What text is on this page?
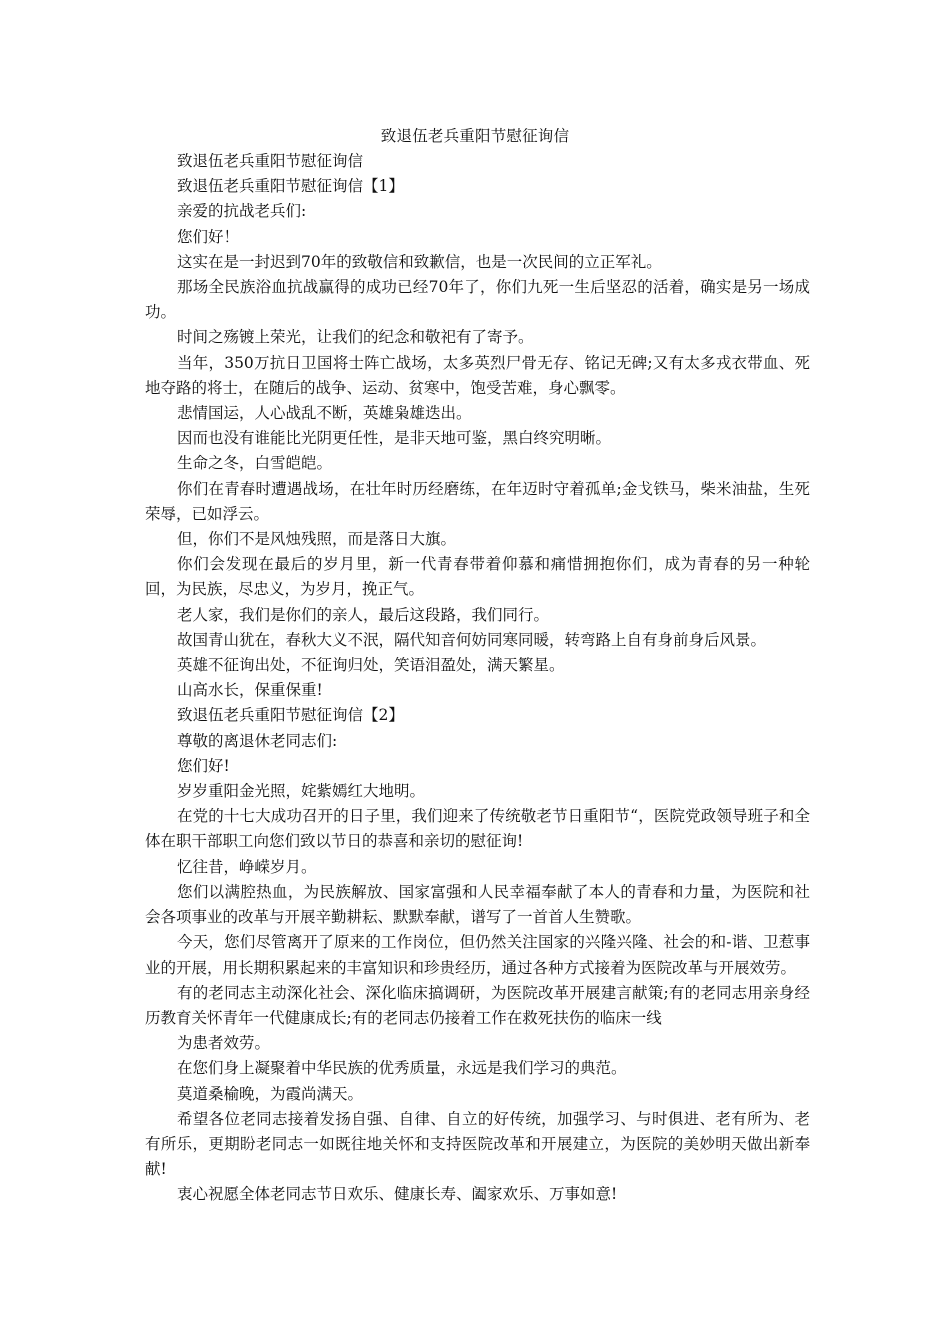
致退伍老兵重阳节慰征询信

致退伍老兵重阳节慰征询信

致退伍老兵重阳节慰征询信【1】

亲爱的抗战老兵们:

您们好！

这实在是一封迟到70年的致敬信和致歉信，也是一次民间的立正军礼。

那场全民族浴血抗战赢得的成功已经70年了，你们九死一生后坚忍的活着，确实是另一场成功。

时间之殇镀上荣光，让我们的纪念和敬祀有了寄予。

当年，350万抗日卫国将士阵亡战场，太多英烈尸骨无存、铭记无碑;又有太多戎衣带血、死地夺路的将士，在随后的战争、运动、贫寒中，饱受苦难，身心飘零。

悲情国运，人心战乱不断，英雄枭雄迭出。

因而也没有谁能比光阴更任性，是非天地可鉴，黑白终究明晰。

生命之冬，白雪皑皑。

你们在青春时遭遇战场，在壮年时历经磨练，在年迈时守着孤单;金戈铁马，柴米油盐，生死荣辱，已如浮云。

但，你们不是风烛残照，而是落日大旗。

你们会发现在最后的岁月里，新一代青春带着仰慕和痛惜拥抱你们，成为青春的另一种轮回，为民族，尽忠义，为岁月，挽正气。

老人家，我们是你们的亲人，最后这段路，我们同行。

故国青山犹在，春秋大义不泯，隔代知音何妨同寒同暖，转弯路上自有身前身后风景。

英雄不征询出处，不征询归处，笑语泪盈处，满天繁星。

山高水长，保重保重!

致退伍老兵重阳节慰征询信【2】

尊敬的离退休老同志们:

您们好!

岁岁重阳金光照，姹紫嫣红大地明。

在党的十七大成功召开的日子里，我们迎来了传统敬老节日重阳节“，医院党政领导班子和全体在职干部职工向您们致以节日的恭喜和亲切的慰征询!

忆往昔，峥嵘岁月。

您们以满腔热血，为民族解放、国家富强和人民幸福奉献了本人的青春和力量，为医院和社会各项事业的改革与开展辛勤耕耘、默默奉献，谱写了一首首人生赞歌。

今天，您们尽管离开了原来的工作岗位，但仍然关注国家的兴隆兴隆、社会的和-谐、卫惹事业的开展，用长期积累起来的丰富知识和珍贵经历，通过各种方式接着为医院改革与开展效劳。

有的老同志主动深化社会、深化临床搞调研，为医院改革开展建言献策;有的老同志用亲身经历教育关怀青年一代健康成长;有的老同志仍接着工作在救死扶伤的临床一线

为患者效劳。

在您们身上凝聚着中华民族的优秀质量，永远是我们学习的典范。

莫道桑榆晚，为霞尚满天。

希望各位老同志接着发扬自强、自律、自立的好传统，加强学习、与时俱进、老有所为、老有所乐，更期盼老同志一如既往地关怀和支持医院改革和开展建立，为医院的美妙明天做出新奉献!

衷心祝愿全体老同志节日欢乐、健康长寿、阖家欢乐、万事如意!
